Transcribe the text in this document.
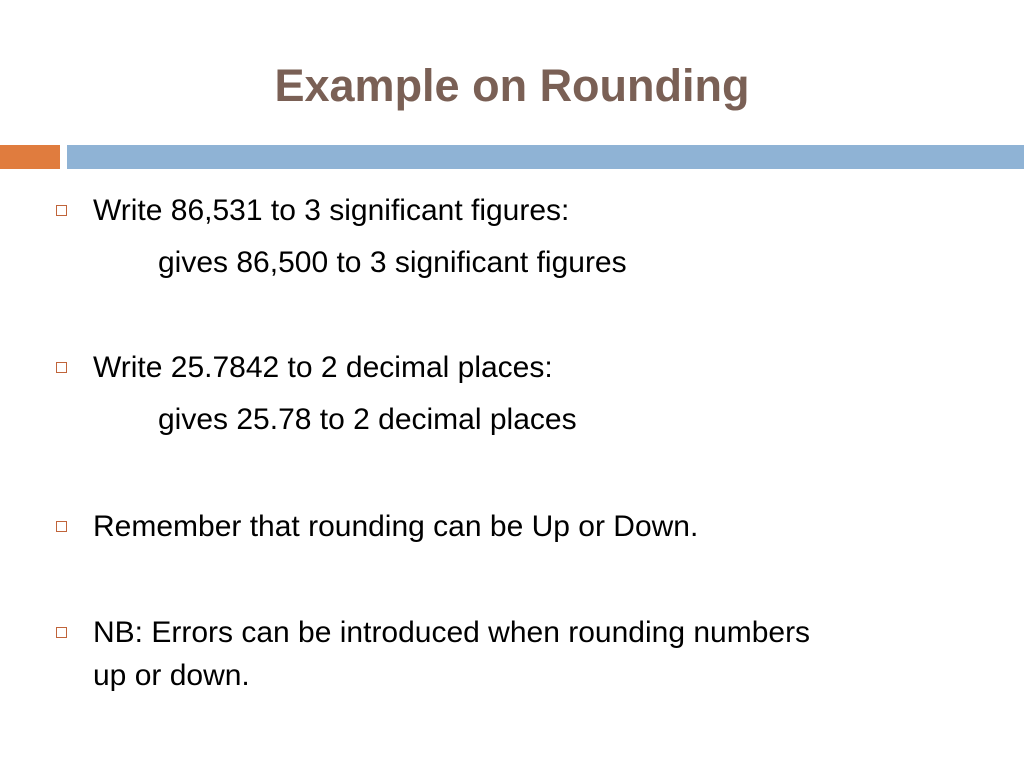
Example on Rounding
Write 86,531 to 3 significant figures:
gives 86,500 to 3 significant figures
Write 25.7842 to 2 decimal places:
gives 25.78 to 2 decimal places
Remember that rounding can be Up or Down.
NB: Errors can be introduced when rounding numbers
up or down.
